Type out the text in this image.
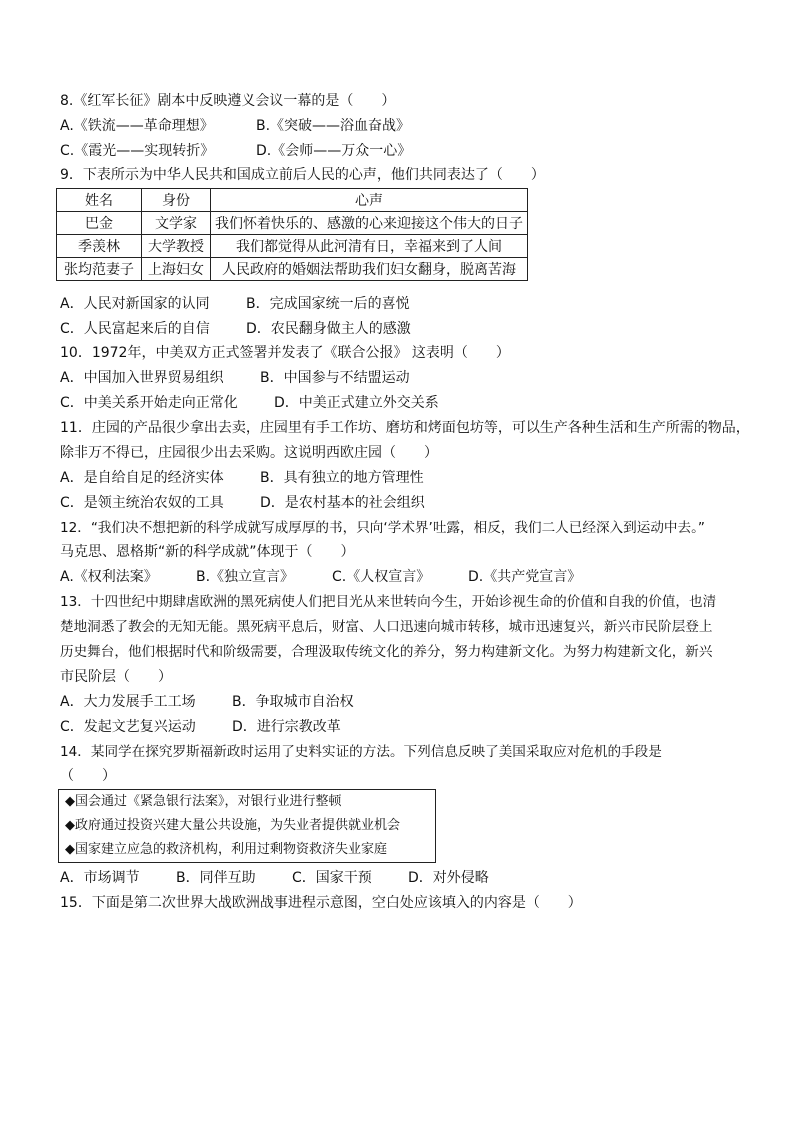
8.《红军长征》剧本中反映遵义会议一幕的是（　　）
A.《铁流——革命理想》	B.《突破——浴血奋战》
C.《霞光——实现转折》	D.《会师——万众一心》
9．下表所示为中华人民共和国成立前后人民的心声，他们共同表达了（　　）
姓名	身份	心声
巴金	文学家	我们怀着快乐的、感激的心来迎接这个伟大的日子
季羡林	大学教授	我们都觉得从此河清有日，幸福来到了人间
张均范妻子	上海妇女	人民政府的婚姻法帮助我们妇女翻身，脱离苦海
A．人民对新国家的认同	B．完成国家统一后的喜悦
C．人民富起来后的自信	D．农民翻身做主人的感激
10．1972年，中美双方正式签署并发表了《联合公报》 这表明（　　）
A．中国加入世界贸易组织	B．中国参与不结盟运动
C．中美关系开始走向正常化	D．中美正式建立外交关系
11．庄园的产品很少拿出去卖，庄园里有手工作坊、磨坊和烤面包坊等，可以生产各种生活和生产所需的物品，
除非万不得已，庄园很少出去采购。这说明西欧庄园（　　）
A．是自给自足的经济实体	B．具有独立的地方管理性
C．是领主统治农奴的工具	D．是农村基本的社会组织
12．“我们决不想把新的科学成就写成厚厚的书，只向‘学术界’吐露，相反，我们二人已经深入到运动中去。”
马克思、恩格斯“新的科学成就”体现于（　　）
A.《权利法案》	B.《独立宣言》	C.《人权宣言》	D.《共产党宣言》
13．十四世纪中期肆虐欧洲的黑死病使人们把目光从来世转向今生，开始诊视生命的价值和自我的价值，也清
楚地洞悉了教会的无知无能。黑死病平息后，财富、人口迅速向城市转移，城市迅速复兴，新兴市民阶层登上
历史舞台，他们根据时代和阶级需要，合理汲取传统文化的养分，努力构建新文化。为努力构建新文化，新兴
市民阶层（　　）
A．大力发展手工工场	B．争取城市自治权
C．发起文艺复兴运动	D．进行宗教改革
14．某同学在探究罗斯福新政时运用了史料实证的方法。下列信息反映了美国采取应对危机的手段是
（　　）
◆国会通过《紧急银行法案》，对银行业进行整顿
◆政府通过投资兴建大量公共设施，为失业者提供就业机会
◆国家建立应急的救济机构，利用过剩物资救济失业家庭
A．市场调节	B．同伴互助	C．国家干预	D．对外侵略
15．下面是第二次世界大战欧洲战事进程示意图，空白处应该填入的内容是（　　）
